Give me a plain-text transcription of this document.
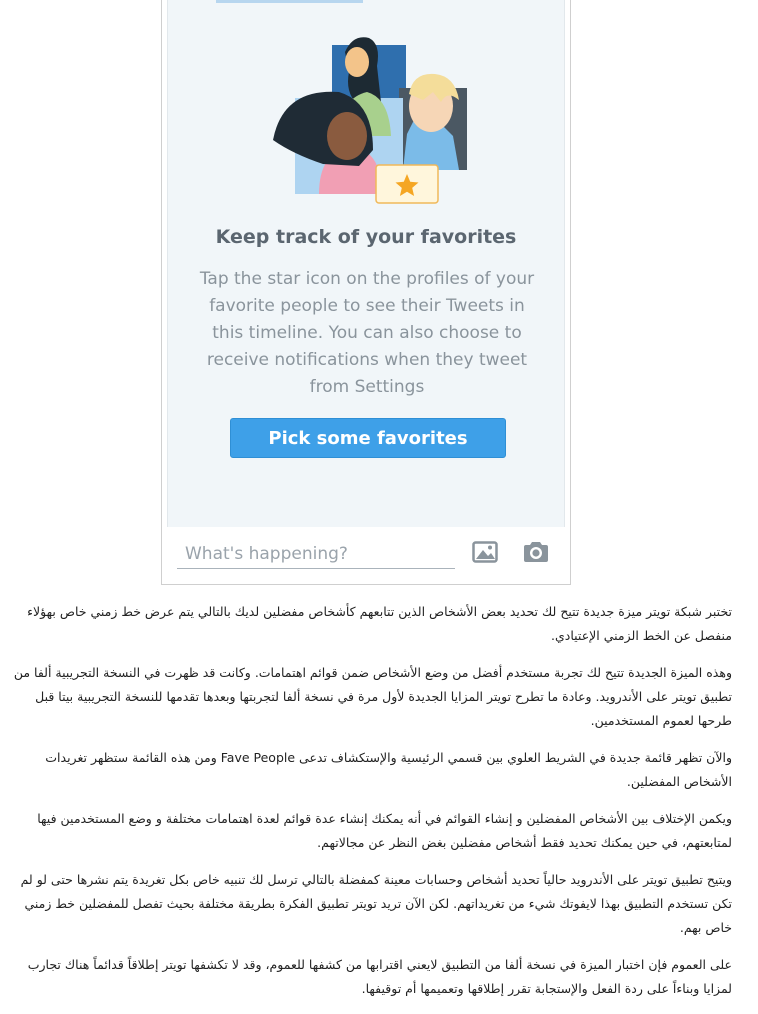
Keep track of your favorites
Tap the star icon on the profiles of your favorite people to see their Tweets in this timeline. You can also choose to receive notifications when they tweet from Settings
Pick some favorites
What's happening?

تختبر شبكة تويتر ميزة جديدة تتيح لك تحديد بعض الأشخاص الذين تتابعهم كأشخاص مفضلين لديك بالتالي يتم عرض خط زمني خاص بهؤلاء منفصل عن الخط الزمني الإعتيادي.

وهذه الميزة الجديدة تتيح لك تجربة مستخدم أفضل من وضع الأشخاص ضمن قوائم اهتمامات. وكانت قد ظهرت في النسخة التجريبية ألفا من تطبيق تويتر على الأندرويد. وعادة ما تطرح تويتر المزايا الجديدة لأول مرة في نسخة ألفا لتجربتها وبعدها تقدمها للنسخة التجريبية بيتا قبل طرحها لعموم المستخدمين.

والآن تظهر قائمة جديدة في الشريط العلوي بين قسمي الرئيسية والإستكشاف تدعى Fave People ومن هذه القائمة ستظهر تغريدات الأشخاص المفضلين.

ويكمن الإختلاف بين الأشخاص المفضلين و إنشاء القوائم في أنه يمكنك إنشاء عدة قوائم لعدة اهتمامات مختلفة و وضع المستخدمين فيها لمتابعتهم، في حين يمكنك تحديد فقط أشخاص مفضلين بغض النظر عن مجالاتهم.

ويتيح تطبيق تويتر على الأندرويد حالياً تحديد أشخاص وحسابات معينة كمفضلة بالتالي ترسل لك تنبيه خاص بكل تغريدة يتم نشرها حتى لو لم تكن تستخدم التطبيق بهذا لايفوتك شيء من تغريداتهم. لكن الآن تريد تويتر تطبيق الفكرة بطريقة مختلفة بحيث تفصل للمفضلين خط زمني خاص بهم.

على العموم فإن اختبار الميزة في نسخة ألفا من التطبيق لايعني اقترابها من كشفها للعموم، وقد لا تكشفها تويتر إطلاقاً قدائماً هناك تجارب لمزايا وبناءاً على ردة الفعل والإستجابة تقرر إطلاقها وتعميمها أم توقيفها.
